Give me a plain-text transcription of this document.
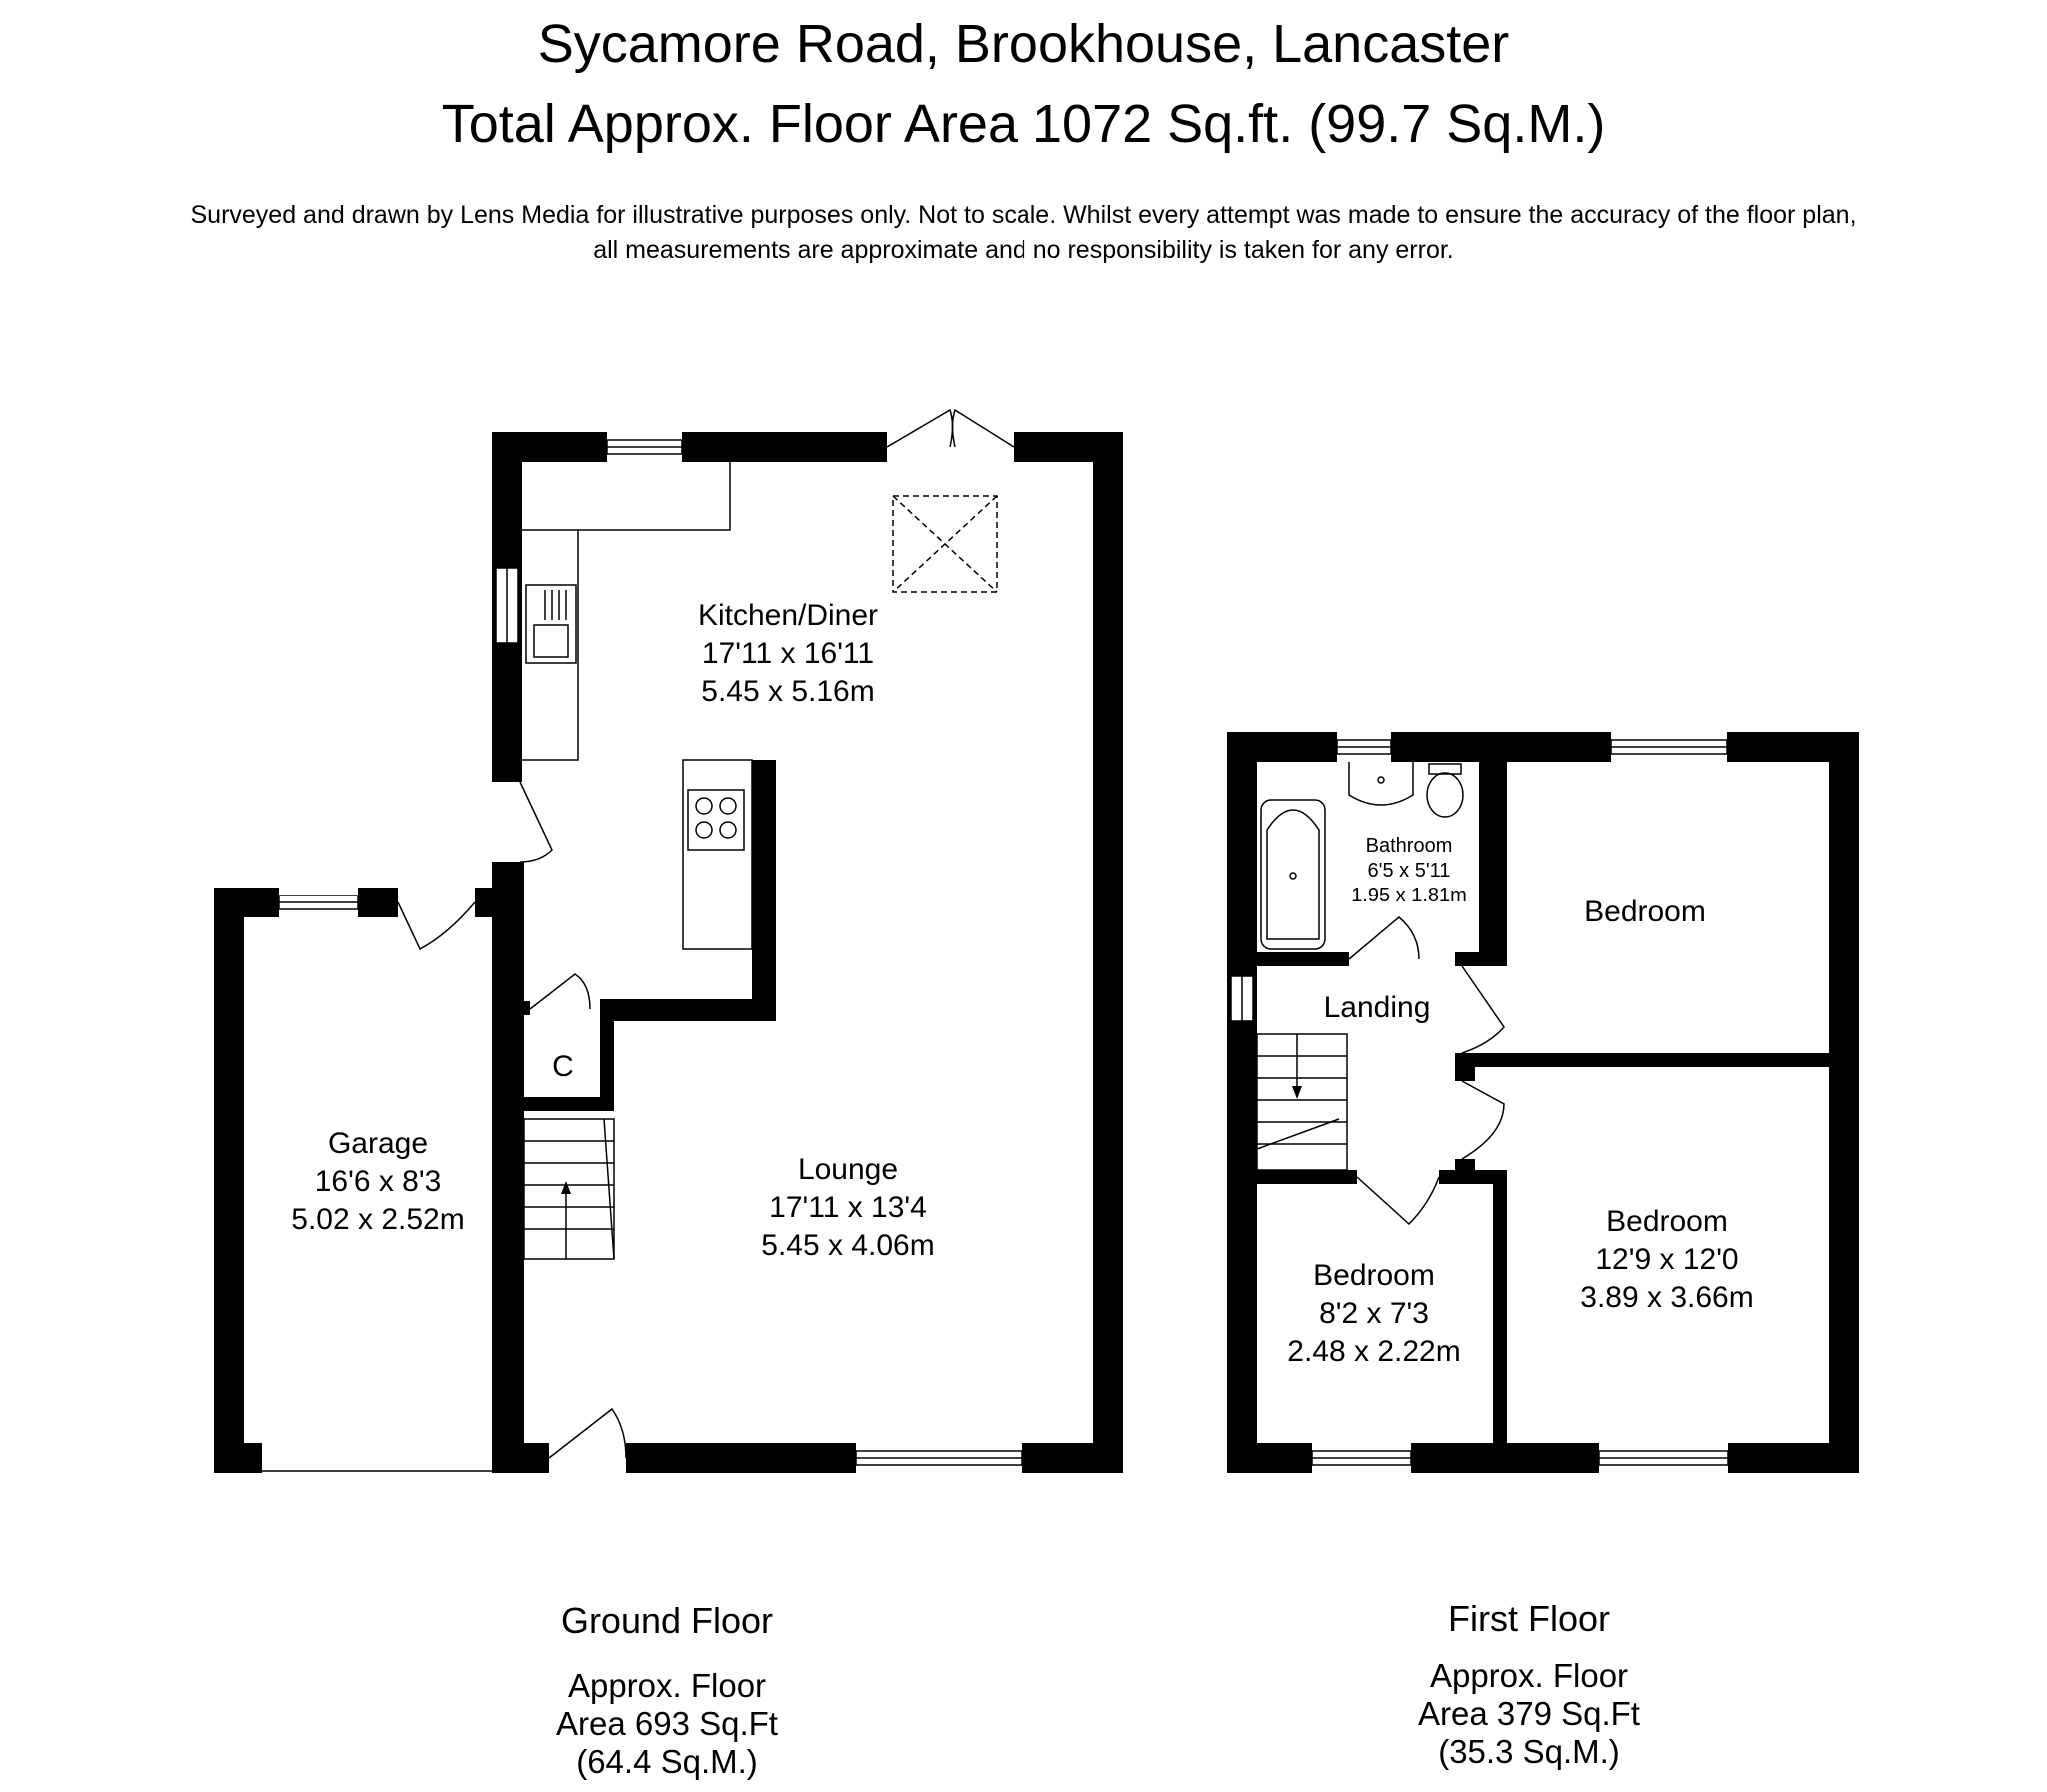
Sycamore Road, Brookhouse, Lancaster
Total Approx. Floor Area 1072 Sq.ft. (99.7 Sq.M.)
Surveyed and drawn by Lens Media for illustrative purposes only. Not to scale. Whilst every attempt was made to ensure the accuracy of the floor plan,
all measurements are approximate and no responsibility is taken for any error.
Kitchen/Diner
17'11 x 16'11
5.45 x 5.16m
Lounge
17'11 x 13'4
5.45 x 4.06m
Garage
16'6 x 8'3
5.02 x 2.52m
C
Bathroom
6'5 x 5'11
1.95 x 1.81m
Landing
Bedroom
Bedroom
8'2 x 7'3
2.48 x 2.22m
Bedroom
12'9 x 12'0
3.89 x 3.66m
Ground Floor
Approx. Floor
Area 693 Sq.Ft
(64.4 Sq.M.)
First Floor
Approx. Floor
Area 379 Sq.Ft
(35.3 Sq.M.)
